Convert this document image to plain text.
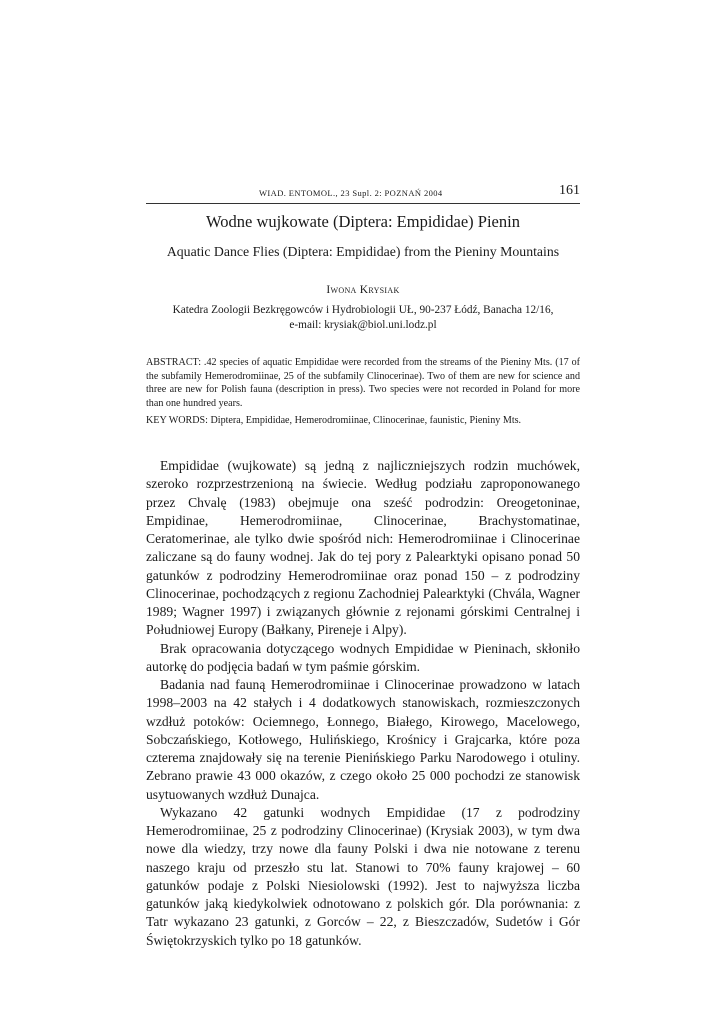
WIAD. ENTOMOL., 23 Supl. 2: POZNAŃ 2004	161
Wodne wujkowate (Diptera: Empididae) Pienin
Aquatic Dance Flies (Diptera: Empididae) from the Pieniny Mountains
Iwona Krysiak
Katedra Zoologii Bezkręgowców i Hydrobiologii UŁ, 90-237 Łódź, Banacha 12/16,
e-mail: krysiak@biol.uni.lodz.pl
ABSTRACT: .42 species of aquatic Empididae were recorded from the streams of the Pieniny Mts. (17 of the subfamily Hemerodromiinae, 25 of the subfamily Clinocerinae). Two of them are new for science and three are new for Polish fauna (description in press). Two species were not recorded in Poland for more than one hundred years.
KEY WORDS: Diptera, Empididae, Hemerodromiinae, Clinocerinae, faunistic, Pieniny Mts.

Empididae (wujkowate) są jedną z najliczniejszych rodzin muchówek, szeroko rozprzestrzenioną na świecie. Według podziału zaproponowanego przez Chvalę (1983) obejmuje ona sześć podrodzin: Oreogetoninae, Empidinae, Hemerodromiinae, Clinocerinae, Brachystomatinae, Ceratomerinae, ale tylko dwie spośród nich: Hemerodromiinae i Clinocerinae zaliczane są do fauny wodnej. Jak do tej pory z Palearktyki opisano ponad 50 gatunków z podrodziny Hemerodromiinae oraz ponad 150 – z podrodziny Clinocerinae, pochodzących z regionu Zachodniej Palearktyki (Chvála, Wagner 1989; Wagner 1997) i związanych głównie z rejonami górskimi Centralnej i Południowej Europy (Bałkany, Pireneje i Alpy).

Brak opracowania dotyczącego wodnych Empididae w Pieninach, skłoniło autorkę do podjęcia badań w tym paśmie górskim.

Badania nad fauną Hemerodromiinae i Clinocerinae prowadzono w latach 1998–2003 na 42 stałych i 4 dodatkowych stanowiskach, rozmieszczonych wzdłuż potoków: Ociemnego, Łonnego, Białego, Kirowego, Macelowego, Sobczańskiego, Kotłowego, Hulińskiego, Krośnicy i Grajcarka, które poza czterema znajdowały się na terenie Pienińskiego Parku Narodowego i otuliny. Zebrano prawie 43 000 okazów, z czego około 25 000 pochodzi ze stanowisk usytuowanych wzdłuż Dunajca.

Wykazano 42 gatunki wodnych Empididae (17 z podrodziny Hemerodromiinae, 25 z podrodziny Clinocerinae) (Krysiak 2003), w tym dwa nowe dla wiedzy, trzy nowe dla fauny Polski i dwa nie notowane z terenu naszego kraju od przeszło stu lat. Stanowi to 70% fauny krajowej – 60 gatunków podaje z Polski Niesiolowski (1992). Jest to najwyższa liczba gatunków jaką kiedykolwiek odnotowano z polskich gór. Dla porównania: z Tatr wykazano 23 gatunki, z Gorców – 22, z Bieszczadów, Sudetów i Gór Świętokrzyskich tylko po 18 gatunków.
